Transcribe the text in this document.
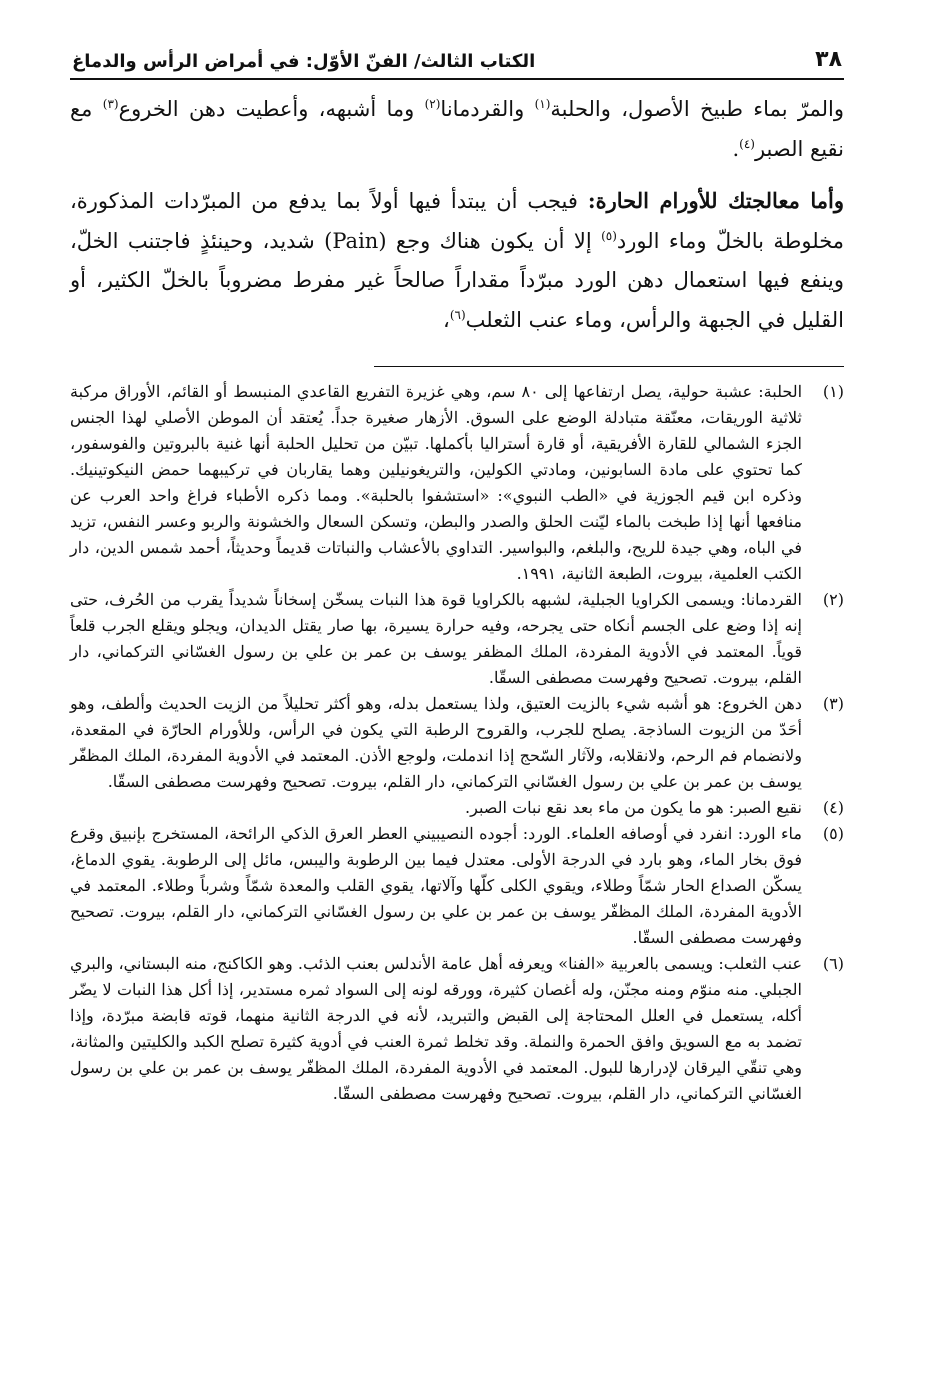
٣٨
الكتاب الثالث/ الفنّ الأوّل: في أمراض الرأس والدماغ

والمرّ بماء طبيخ الأصول، والحلبة$^{(١)}$ والقردمانا$^{(٢)}$ وما أشبهه، وأعطيت دهن الخروع$^{(٣)}$ مع نقيع الصبر$^{(٤)}$.

وأما معالجتك للأورام الحارة: فيجب أن يبتدأ فيها أولاً بما يدفع من المبرّدات المذكورة، مخلوطة بالخلّ وماء الورد$^{(٥)}$ إلا أن يكون هناك وجع (Pain) شديد، وحينئذٍ فاجتنب الخلّ، وينفع فيها استعمال دهن الورد مبرّداً مقداراً صالحاً غير مفرط مضروباً بالخلّ الكثير، أو القليل في الجبهة والرأس، وماء عنب الثعلب$^{(٦)}$،

(١)
الحلبة: عشبة حولية، يصل ارتفاعها إلى ٨٠ سم، وهي غزيرة التفريع القاعدي المنبسط أو القائم، الأوراق مركبة ثلاثية الوريقات، معنّقة متبادلة الوضع على السوق. الأزهار صغيرة جداً. يُعتقد أن الموطن الأصلي لهذا الجنس الجزء الشمالي للقارة الأفريقية، أو قارة أستراليا بأكملها. تبيّن من تحليل الحلبة أنها غنية بالبروتين والفوسفور، كما تحتوي على مادة السابونين، ومادتي الكولين، والتريغونيلين وهما يقاربان في تركيبهما حمض النيكوتينيك. وذكره ابن قيم الجوزية في «الطب النبوي»: «استشفوا بالحلبة». ومما ذكره الأطباء فراغ واحد العرب عن منافعها أنها إذا طبخت بالماء ليّنت الحلق والصدر والبطن، وتسكن السعال والخشونة والربو وعسر النفس، تزيد في الباه، وهي جيدة للريح، والبلغم، والبواسير. التداوي بالأعشاب والنباتات قديماً وحديثاً، أحمد شمس الدين، دار الكتب العلمية، بيروت، الطبعة الثانية، ١٩٩١.
(٢)
القردمانا: ويسمى الكراويا الجبلية، لشبهه بالكراويا قوة هذا النبات يسخّن إسخاناً شديداً يقرب من الحُرف، حتى إنه إذا وضع على الجسم أنكاه حتى يجرحه، وفيه حرارة يسيرة، بها صار يقتل الديدان، ويجلو ويقلع الجرب قلعاً قوياً. المعتمد في الأدوية المفردة، الملك المظفر يوسف بن عمر بن علي بن رسول الغسّاني التركماني، دار القلم، بيروت. تصحيح وفهرست مصطفى السقّا.
(٣)
دهن الخروع: هو أشبه شيء بالزيت العتيق، ولذا يستعمل بدله، وهو أكثر تحليلاً من الزيت الحديث وألطف، وهو أحَدّ من الزيوت الساذجة. يصلح للجرب، والقروح الرطبة التي يكون في الرأس، وللأورام الحارّة في المقعدة، ولانضمام فم الرحم، ولانقلابه، ولآثار السّحج إذا اندملت، ولوجع الأذن. المعتمد في الأدوية المفردة، الملك المظفّر يوسف بن عمر بن علي بن رسول الغسّاني التركماني، دار القلم، بيروت. تصحيح وفهرست مصطفى السقّا.
(٤)
نقيع الصبر: هو ما يكون من ماء بعد نقع نبات الصبر.
(٥)
ماء الورد: انفرد في أوصافه العلماء. الورد: أجوده النصيبيني العطر العرق الذكي الرائحة، المستخرج بإنبيق وقرع فوق بخار الماء، وهو بارد في الدرجة الأولى. معتدل فيما بين الرطوبة واليبس، مائل إلى الرطوبة. يقوي الدماغ، يسكّن الصداع الحار شمّاً وطلاء، ويقوي الكلى كلّها وآلاتها، يقوي القلب والمعدة شمّاً وشرباً وطلاء. المعتمد في الأدوية المفردة، الملك المظفّر يوسف بن عمر بن علي بن رسول الغسّاني التركماني، دار القلم، بيروت. تصحيح وفهرست مصطفى السقّا.
(٦)
عنب الثعلب: ويسمى بالعربية «الفنا» ويعرفه أهل عامة الأندلس بعنب الذئب. وهو الكاكنج، منه البستاني، والبري الجبلي. منه منوّم ومنه مجنّن، وله أغصان كثيرة، وورقه لونه إلى السواد ثمره مستدير، إذا أكل هذا النبات لا يضّر أكله، يستعمل في العلل المحتاجة إلى القبض والتبريد، لأنه في الدرجة الثانية منهما، قوته قابضة مبرّدة، وإذا تضمد به مع السويق وافق الحمرة والنملة. وقد تخلط ثمرة العنب في أدوية كثيرة تصلح الكبد والكليتين والمثانة، وهي تنقّي اليرقان لإدرارها للبول. المعتمد في الأدوية المفردة، الملك المظفّر يوسف بن عمر بن علي بن رسول الغسّاني التركماني، دار القلم، بيروت. تصحيح وفهرست مصطفى السقّا.
